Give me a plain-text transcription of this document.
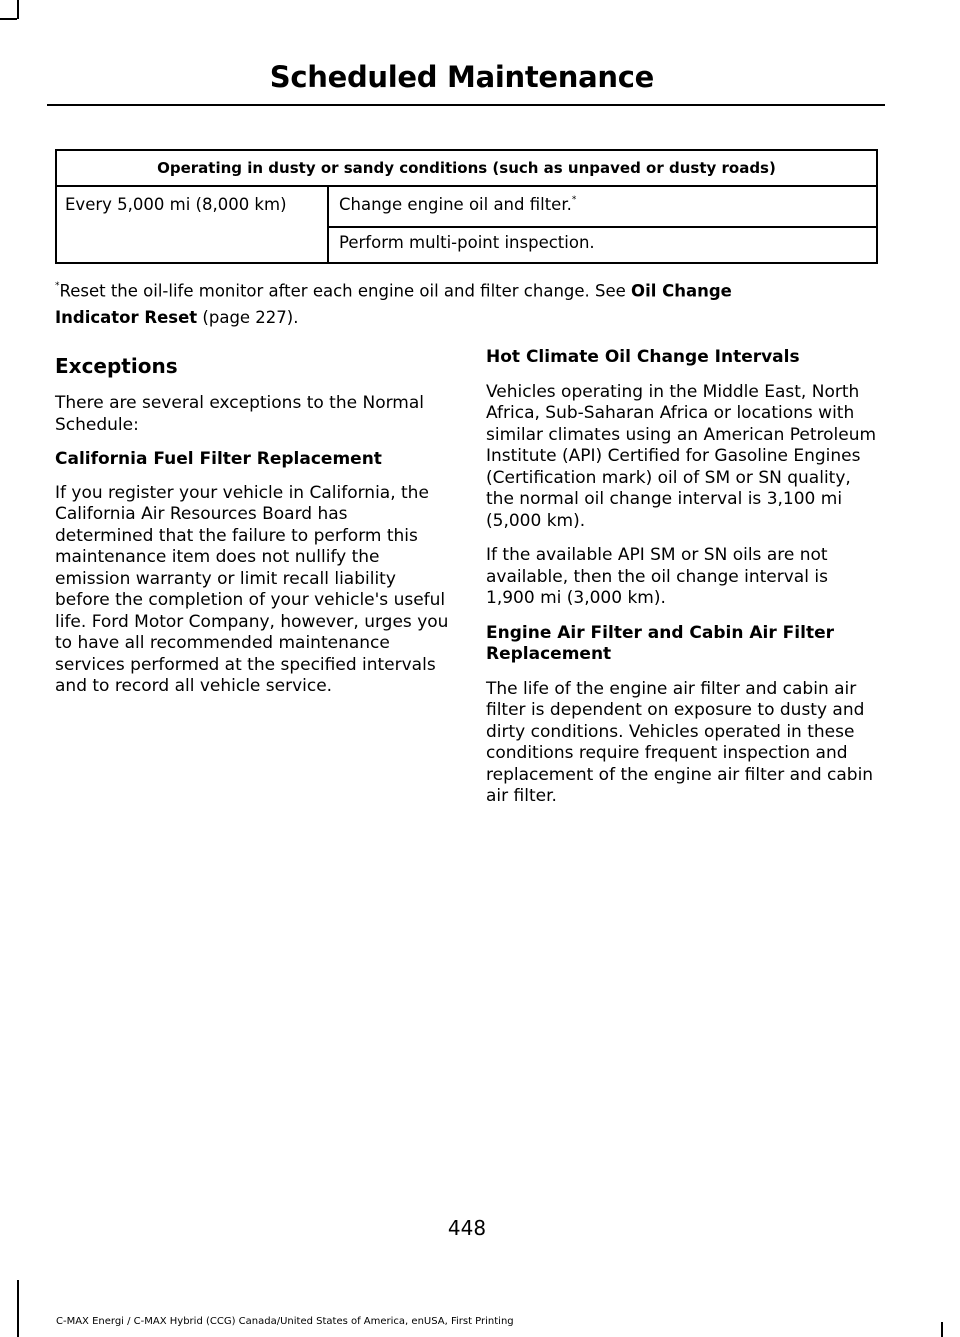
Scheduled Maintenance
Operating in dusty or sandy conditions (such as unpaved or dusty roads)
Every 5,000 mi (8,000 km)	Change engine oil and filter.*
Perform multi-point inspection.
*Reset the oil-life monitor after each engine oil and filter change. See Oil Change
Indicator Reset (page 227).
Exceptions

There are several exceptions to the Normal Schedule:

California Fuel Filter Replacement

If you register your vehicle in California, the California Air Resources Board has determined that the failure to perform this maintenance item does not nullify the emission warranty or limit recall liability before the completion of your vehicle's useful life. Ford Motor Company, however, urges you to have all recommended maintenance services performed at the specified intervals and to record all vehicle service.

Hot Climate Oil Change Intervals

Vehicles operating in the Middle East, North Africa, Sub-Saharan Africa or locations with similar climates using an American Petroleum Institute (API) Certified for Gasoline Engines (Certification mark) oil of SM or SN quality, the normal oil change interval is 3,100 mi (5,000 km).

If the available API SM or SN oils are not available, then the oil change interval is 1,900 mi (3,000 km).

Engine Air Filter and Cabin Air Filter Replacement

The life of the engine air filter and cabin air filter is dependent on exposure to dusty and dirty conditions. Vehicles operated in these conditions require frequent inspection and replacement of the engine air filter and cabin air filter.

448
C-MAX Energi / C-MAX Hybrid (CCG) Canada/United States of America, enUSA, First Printing
